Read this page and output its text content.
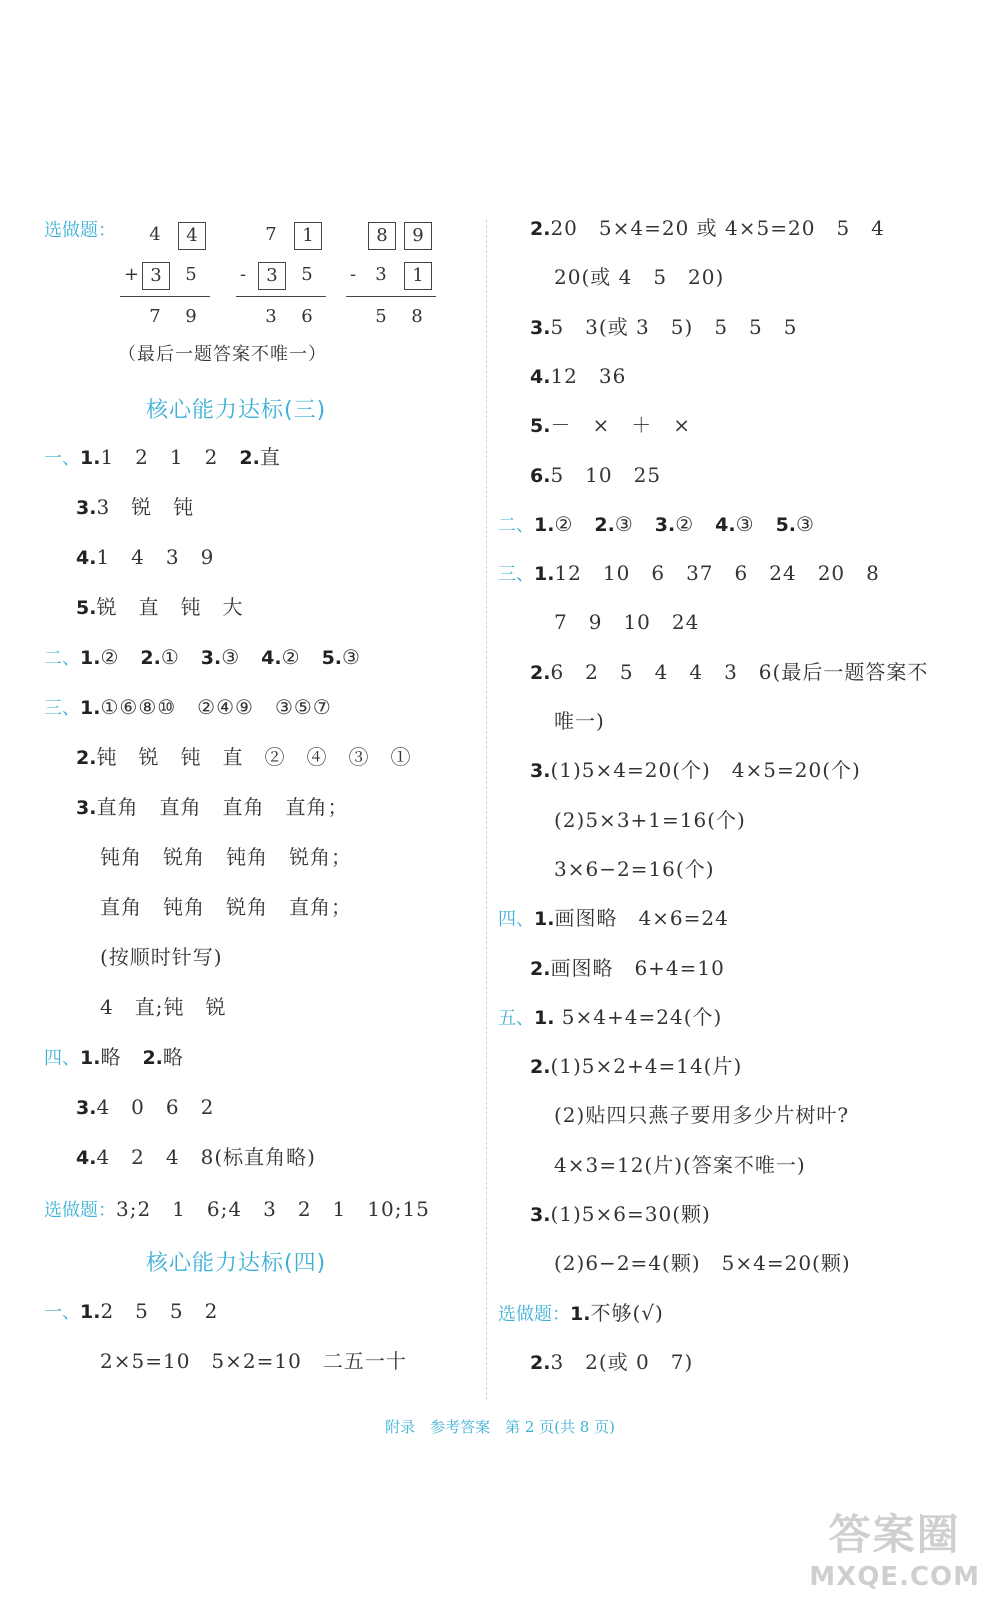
选做题：	4	4
+ 3	5
7	9
7	1
-	3	5
3	6
8	9
-	3	1
5	8
（最后一题答案不唯一）
核心能力达标(三)
一、1.1　2　1　2　2.直
3.3　锐　钝
4.1　4　3　9
5.锐　直　钝　大
二、1.②　2.①　3.③　4.②　5.③
三、1.①⑥⑧⑩　②④⑨　③⑤⑦
2.钝　锐　钝　直　②　④　③　①
3.直角　直角　直角　直角；
钝角　锐角　钝角　锐角；
直角　钝角　锐角　直角；
(按顺时针写)
4　直;钝　锐
四、1.略　2.略
3.4　0　6　2
4.4　2　4　8(标直角略)
选做题：3;2　1　6;4　3　2　1　10;15
核心能力达标(四)
一、1.2　5　5　2
2×5=10　5×2=10　二五一十
2.20　5×4=20 或 4×5=20　5　4
20(或 4　5　20)
3.5　3(或 3　5)　5　5　5
4.12　36
5.－　×　＋　×
6.5　10　25
二、1.②　2.③　3.②　4.③　5.③
三、1.12　10　6　37　6　24　20　8
7　9　10　24
2.6　2　5　4　4　3　6(最后一题答案不
唯一)
3.(1)5×4=20(个)　4×5=20(个)
(2)5×3+1=16(个)
3×6−2=16(个)
四、1.画图略　4×6=24
2.画图略　6+4=10
五、1. 5×4+4=24(个)
2.(1)5×2+4=14(片)
(2)贴四只燕子要用多少片树叶?
4×3=12(片)(答案不唯一)
3.(1)5×6=30(颗)
(2)6−2=4(颗)　5×4=20(颗)
选做题：1.不够(√)
2.3　2(或 0　7)
附录　参考答案　第 2 页(共 8 页)
答案圈
MXQE.COM
